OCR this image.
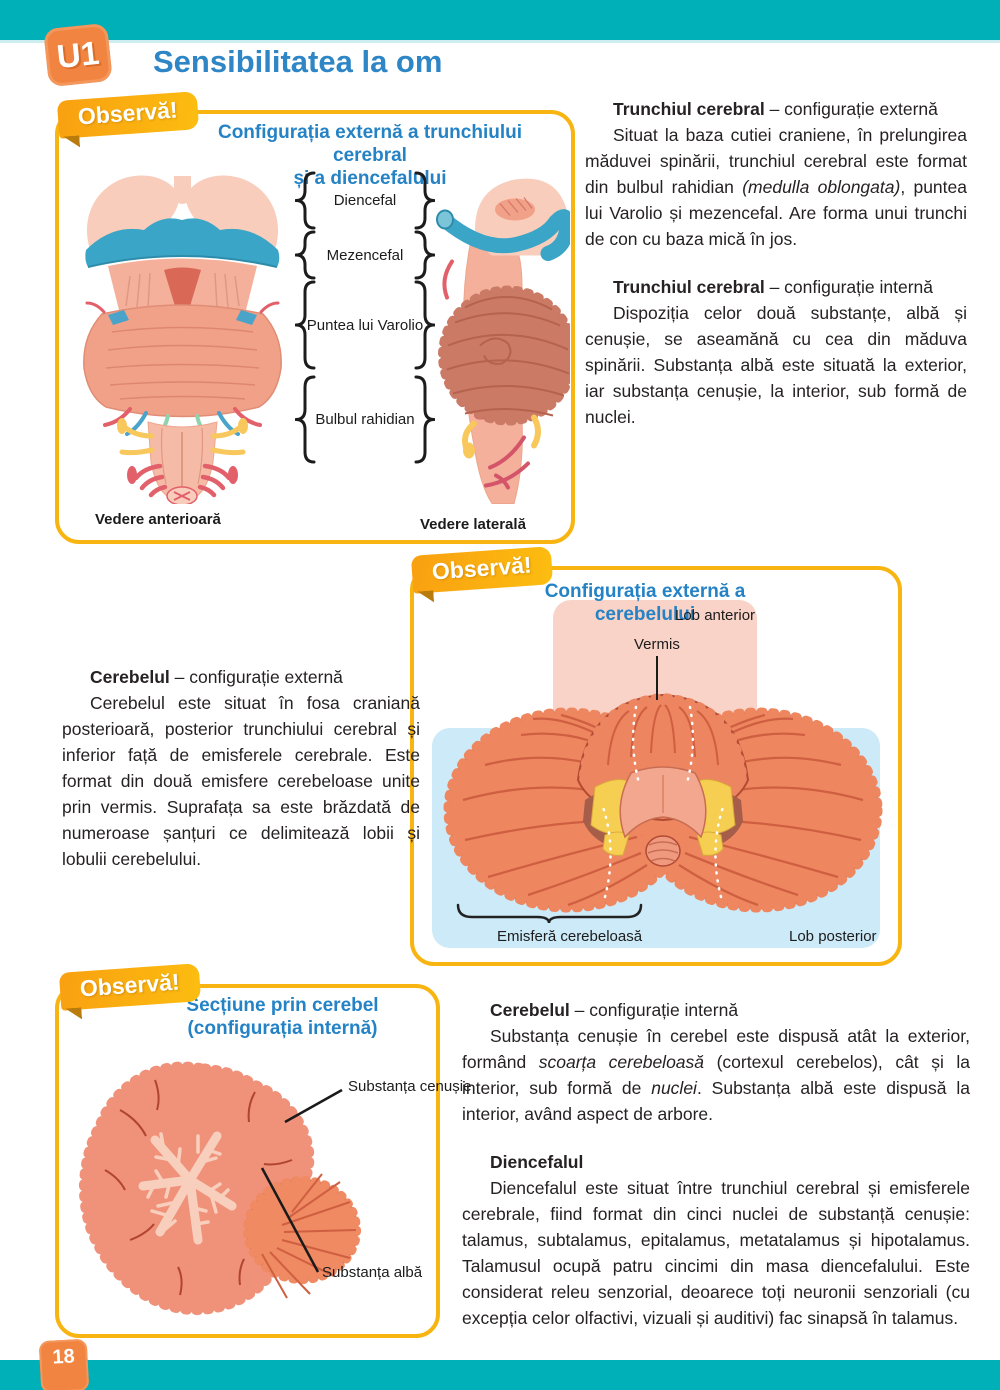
U1 Sensibilitatea la om
Configurația externă a trunchiului cerebral
și a diencefalului
Observă!
Diencefal
Mezencefal
Puntea lui Varolio
Bulbul rahidian
Vedere anterioară	Vedere laterală

Trunchiul cerebral – configurație externă

Situat la baza cutiei craniene, în prelungirea măduvei spinării, trunchiul cerebral este format din bulbul rahidian (medulla oblongata), puntea lui Varolio și mezencefal. Are forma unui trunchi de con cu baza mică în jos.

Trunchiul cerebral – configurație internă

Dispoziția celor două substanțe, albă și cenușie, se aseamănă cu cea din măduva spinării. Substanța albă este situată la exterior, iar substanța cenușie, la interior, sub formă de nuclei.

Observă!
Configurația externă a cerebelului
Lob anterior
Vermis
Emisferă cerebeloasă	Lob posterior

Cerebelul – configurație externă

Cerebelul este situat în fosa craniană posterioară, posterior trunchiului cerebral și inferior față de emisferele cerebrale. Este format din două emisfere cerebeloase unite prin vermis. Suprafața sa este brăzdată de numeroase șanțuri ce delimitează lobii și lobulii cerebelului.

Observă!
Secțiune prin cerebel
(configurația internă)
Substanța cenușie
Substanța albă

Cerebelul – configurație internă

Substanța cenușie în cerebel este dispusă atât la exterior, formând scoarța cerebeloasă (cortexul cerebelos), cât și la interior, sub formă de nuclei. Substanța albă este dispusă la interior, având aspect de arbore.

Diencefalul

Diencefalul este situat între trunchiul cerebral și emisferele cerebrale, fiind format din cinci nuclei de substanță cenușie: talamus, subtalamus, epitalamus, metatalamus și hipotalamus. Talamusul ocupă patru cincimi din masa diencefalului. Este considerat releu senzorial, deoarece toți neuronii senzoriali (cu excepția celor olfactivi, vizuali și auditivi) fac sinapsă în talamus.

18
